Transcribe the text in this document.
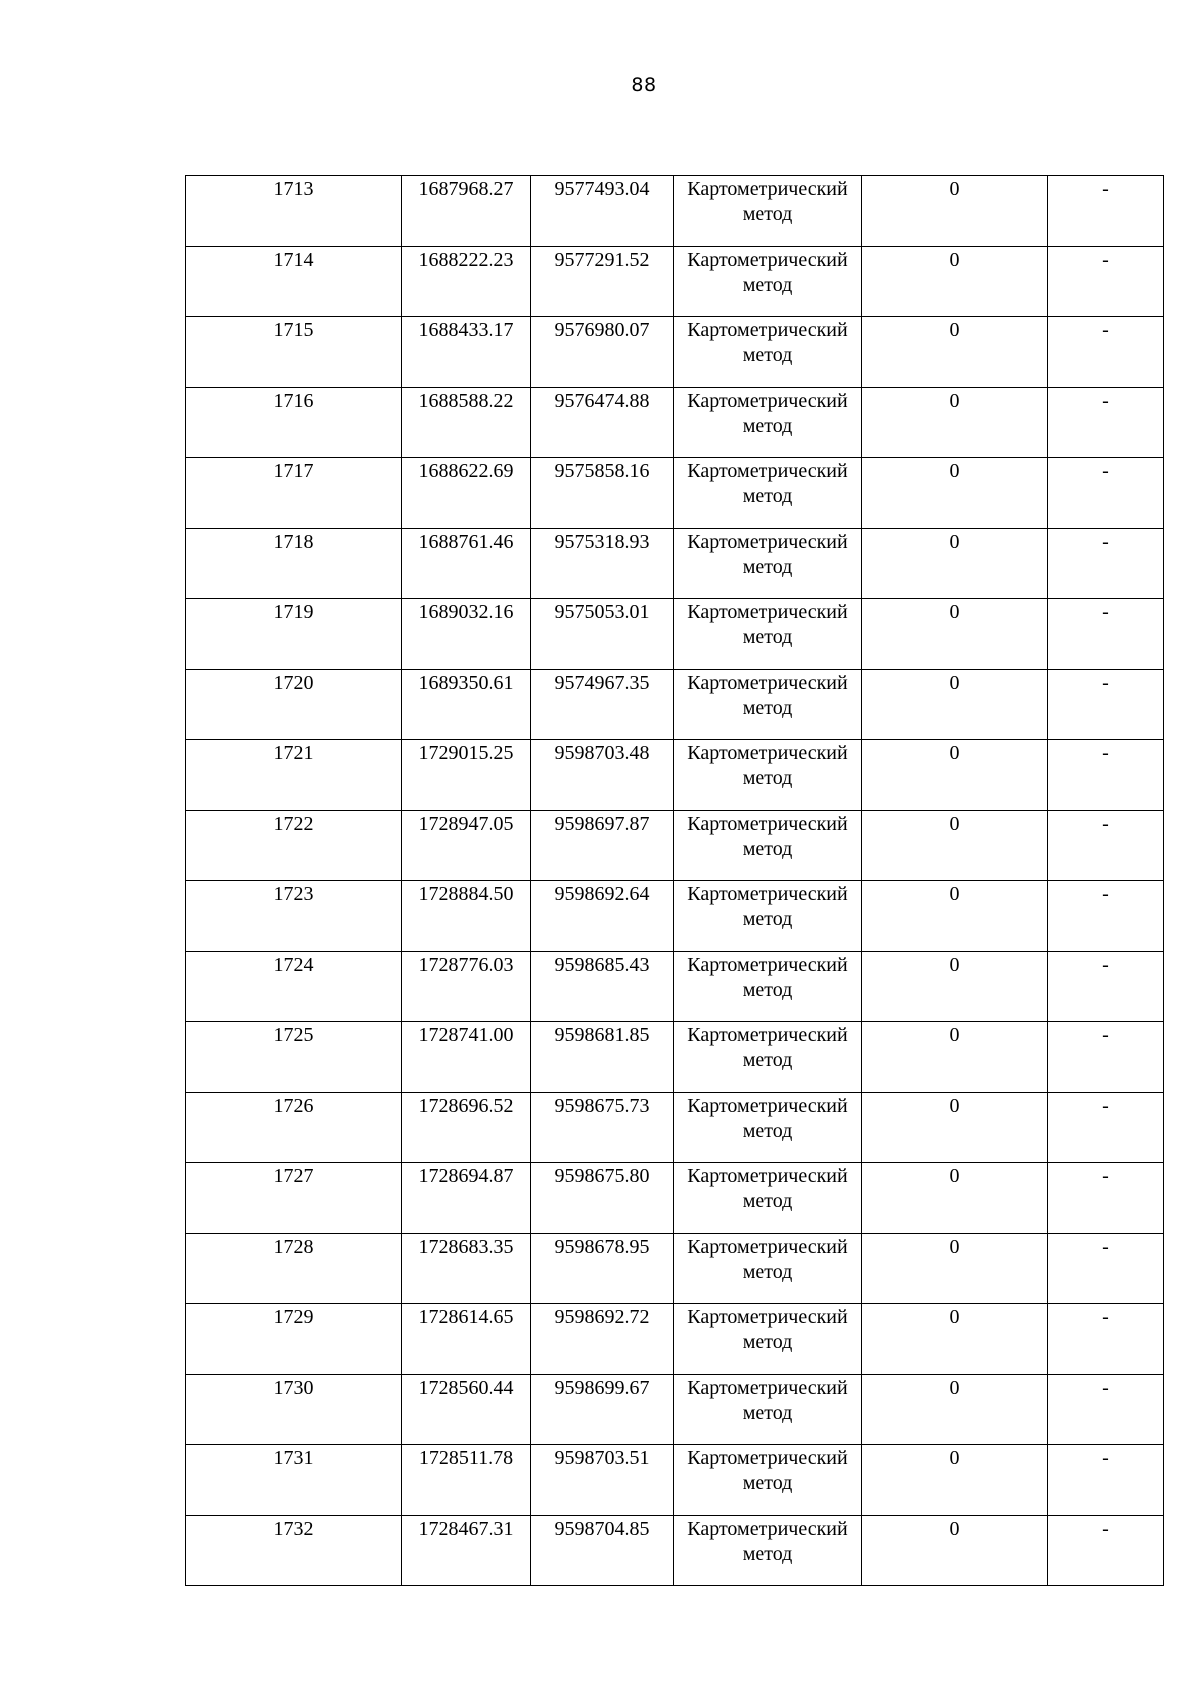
88
1713	1687968.27	9577493.04	Картометрический метод	0	-
1714	1688222.23	9577291.52	Картометрический метод	0	-
1715	1688433.17	9576980.07	Картометрический метод	0	-
1716	1688588.22	9576474.88	Картометрический метод	0	-
1717	1688622.69	9575858.16	Картометрический метод	0	-
1718	1688761.46	9575318.93	Картометрический метод	0	-
1719	1689032.16	9575053.01	Картометрический метод	0	-
1720	1689350.61	9574967.35	Картометрический метод	0	-
1721	1729015.25	9598703.48	Картометрический метод	0	-
1722	1728947.05	9598697.87	Картометрический метод	0	-
1723	1728884.50	9598692.64	Картометрический метод	0	-
1724	1728776.03	9598685.43	Картометрический метод	0	-
1725	1728741.00	9598681.85	Картометрический метод	0	-
1726	1728696.52	9598675.73	Картометрический метод	0	-
1727	1728694.87	9598675.80	Картометрический метод	0	-
1728	1728683.35	9598678.95	Картометрический метод	0	-
1729	1728614.65	9598692.72	Картометрический метод	0	-
1730	1728560.44	9598699.67	Картометрический метод	0	-
1731	1728511.78	9598703.51	Картометрический метод	0	-
1732	1728467.31	9598704.85	Картометрический метод	0	-
